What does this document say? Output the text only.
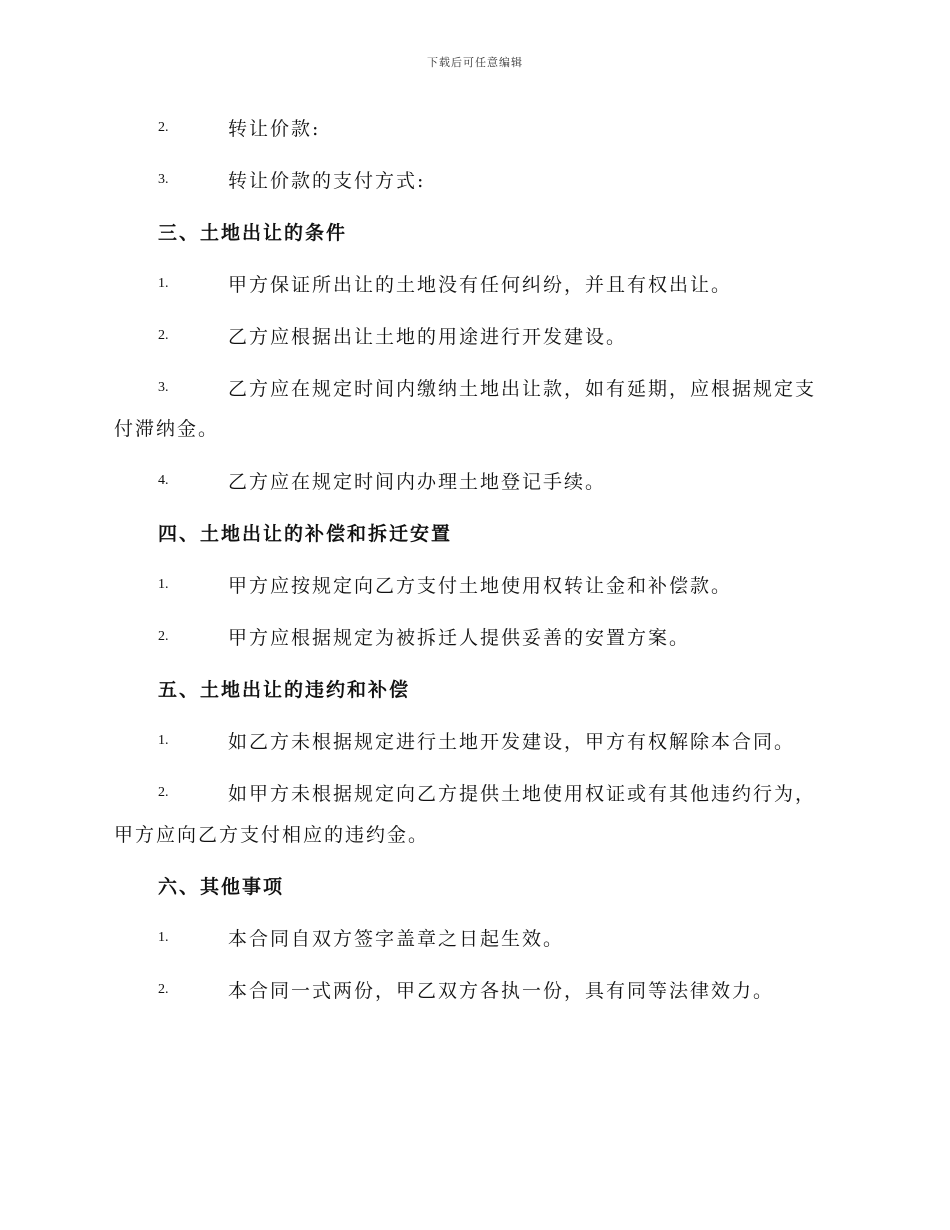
下载后可任意编辑
2.	转让价款:
3.	转让价款的支付方式:
三、土地出让的条件
1.	甲方保证所出让的土地没有任何纠纷，并且有权出让。
2.	乙方应根据出让土地的用途进行开发建设。
3.	乙方应在规定时间内缴纳土地出让款，如有延期，应根据规定支
付滞纳金。
4.	乙方应在规定时间内办理土地登记手续。
四、土地出让的补偿和拆迁安置
1.	甲方应按规定向乙方支付土地使用权转让金和补偿款。
2.	甲方应根据规定为被拆迁人提供妥善的安置方案。
五、土地出让的违约和补偿
1.	如乙方未根据规定进行土地开发建设，甲方有权解除本合同。
2.	如甲方未根据规定向乙方提供土地使用权证或有其他违约行为，
甲方应向乙方支付相应的违约金。
六、其他事项
1.	本合同自双方签字盖章之日起生效。
2.	本合同一式两份，甲乙双方各执一份，具有同等法律效力。
